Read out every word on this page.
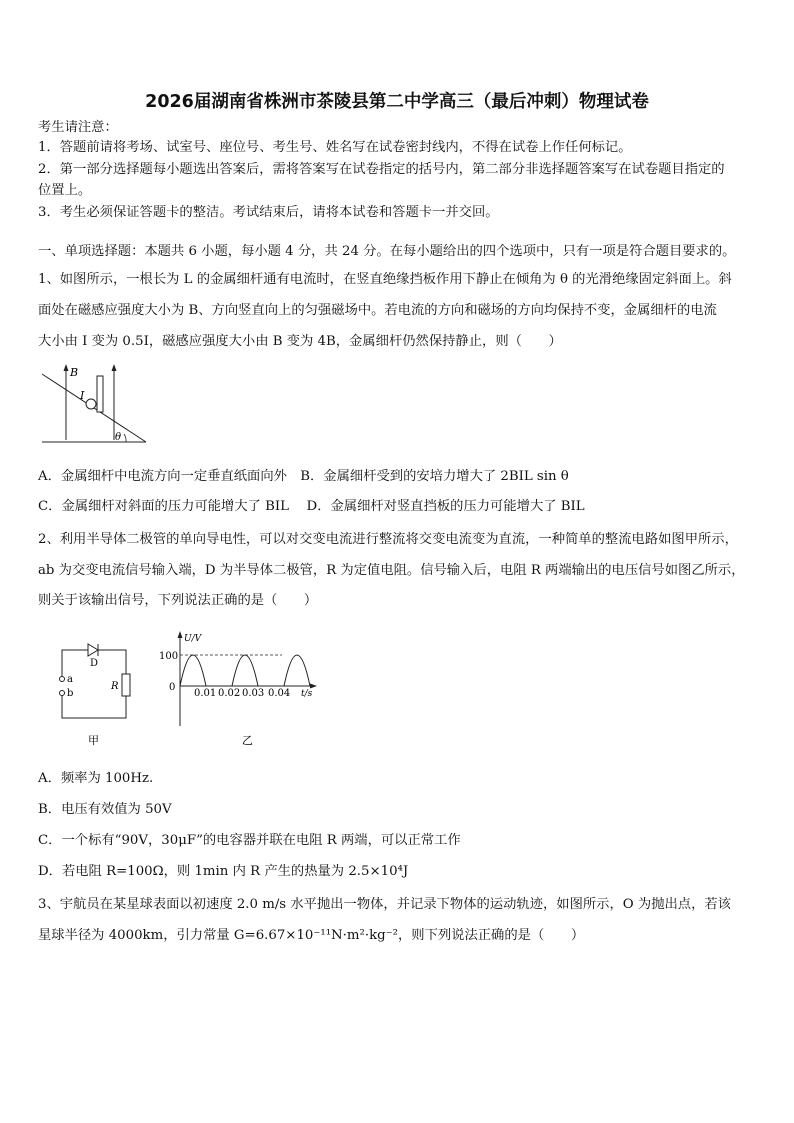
2026届湖南省株洲市茶陵县第二中学高三（最后冲刺）物理试卷
考生请注意：
1．答题前请将考场、试室号、座位号、考生号、姓名写在试卷密封线内，不得在试卷上作任何标记。
2．第一部分选择题每小题选出答案后，需将答案写在试卷指定的括号内，第二部分非选择题答案写在试卷题目指定的
位置上。
3．考生必须保证答题卡的整洁。考试结束后，请将本试卷和答题卡一并交回。
一、单项选择题：本题共 6 小题，每小题 4 分，共 24 分。在每小题给出的四个选项中，只有一项是符合题目要求的。
1、如图所示，一根长为 L 的金属细杆通有电流时，在竖直绝缘挡板作用下静止在倾角为 θ 的光滑绝缘固定斜面上。斜
面处在磁感应强度大小为 B、方向竖直向上的匀强磁场中。若电流的方向和磁场的方向均保持不变，金属细杆的电流
大小由 I 变为 0.5I，磁感应强度大小由 B 变为 4B，金属细杆仍然保持静止，则（　　）
B
I
θ
A．金属细杆中电流方向一定垂直纸面向外　B．金属细杆受到的安培力增大了 2BIL sin θ
C．金属细杆对斜面的压力可能增大了 BIL　 D．金属细杆对竖直挡板的压力可能增大了 BIL
2、利用半导体二极管的单向导电性，可以对交变电流进行整流将交变电流变为直流，一种简单的整流电路如图甲所示，
ab 为交变电流信号输入端，D 为半导体二极管，R 为定值电阻。信号输入后，电阻 R 两端输出的电压信号如图乙所示，
则关于该输出信号，下列说法正确的是（　　）
D
a
b
R
甲
U/V
100
0
0.01 0.02 0.03 0.04 t/s
乙
A．频率为 100Hz.
B．电压有效值为 50V
C．一个标有“90V，30μF”的电容器并联在电阻 R 两端，可以正常工作
D．若电阻 R=100Ω，则 1min 内 R 产生的热量为 2.5×10⁴J
3、宇航员在某星球表面以初速度 2.0 m/s 水平抛出一物体，并记录下物体的运动轨迹，如图所示，O 为抛出点，若该
星球半径为 4000km，引力常量 G=6.67×10⁻¹¹N·m²·kg⁻²，则下列说法正确的是（　　）
